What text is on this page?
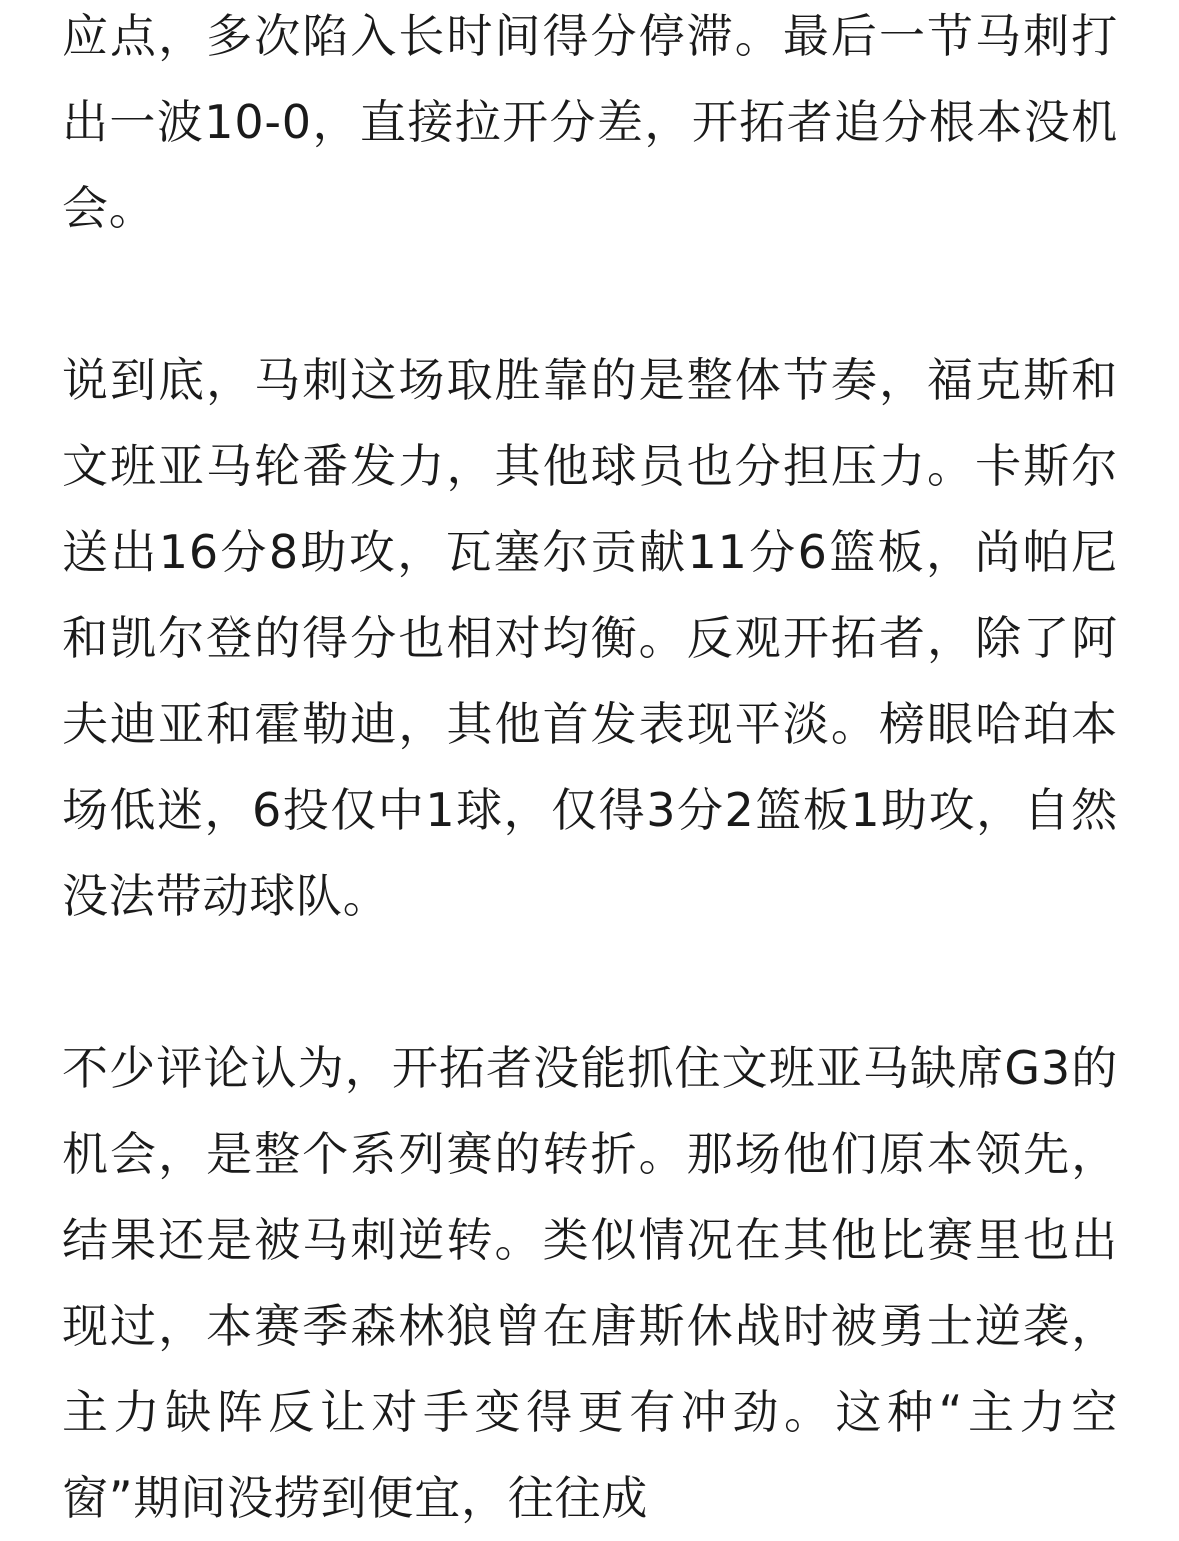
应点，多次陷入长时间得分停滞。最后一节马刺打出一波10-0，直接拉开分差，开拓者追分根本没机会。

说到底，马刺这场取胜靠的是整体节奏，福克斯和文班亚马轮番发力，其他球员也分担压力。卡斯尔送出16分8助攻，瓦塞尔贡献11分6篮板，尚帕尼和凯尔登的得分也相对均衡。反观开拓者，除了阿夫迪亚和霍勒迪，其他首发表现平淡。榜眼哈珀本场低迷，6投仅中1球，仅得3分2篮板1助攻，自然没法带动球队。

不少评论认为，开拓者没能抓住文班亚马缺席G3的机会，是整个系列赛的转折。那场他们原本领先，结果还是被马刺逆转。类似情况在其他比赛里也出现过，本赛季森林狼曾在唐斯休战时被勇士逆袭，主力缺阵反让对手变得更有冲劲。这种“主力空窗”期间没捞到便宜，往往成
